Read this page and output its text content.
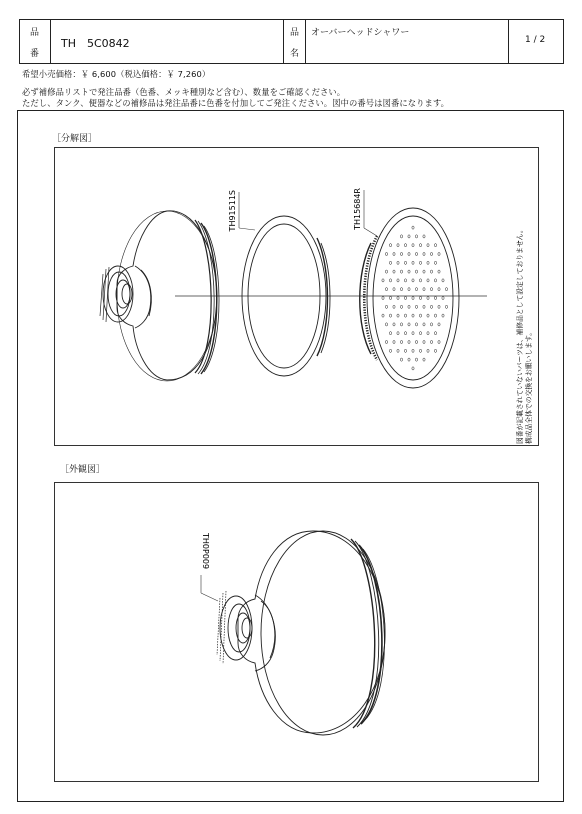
品
番
TH　5C0842
品
名
オーバーヘッドシャワー
1 / 2
希望小売価格：￥ 6,600（税込価格：￥ 7,260）
必ず補修品リストで発注品番（色番、メッキ種別など含む）、数量をご確認ください。
ただし、タンク、便器などの補修品は発注品番に色番を付加してご発注ください。図中の番号は図番になります。
［分解図］
TH91511S	TH15684R
図番が記載されていないパーツは、補修品として設定しておりません。 構成品全体での交換をお願いします。
［外観図］
TH0P009
